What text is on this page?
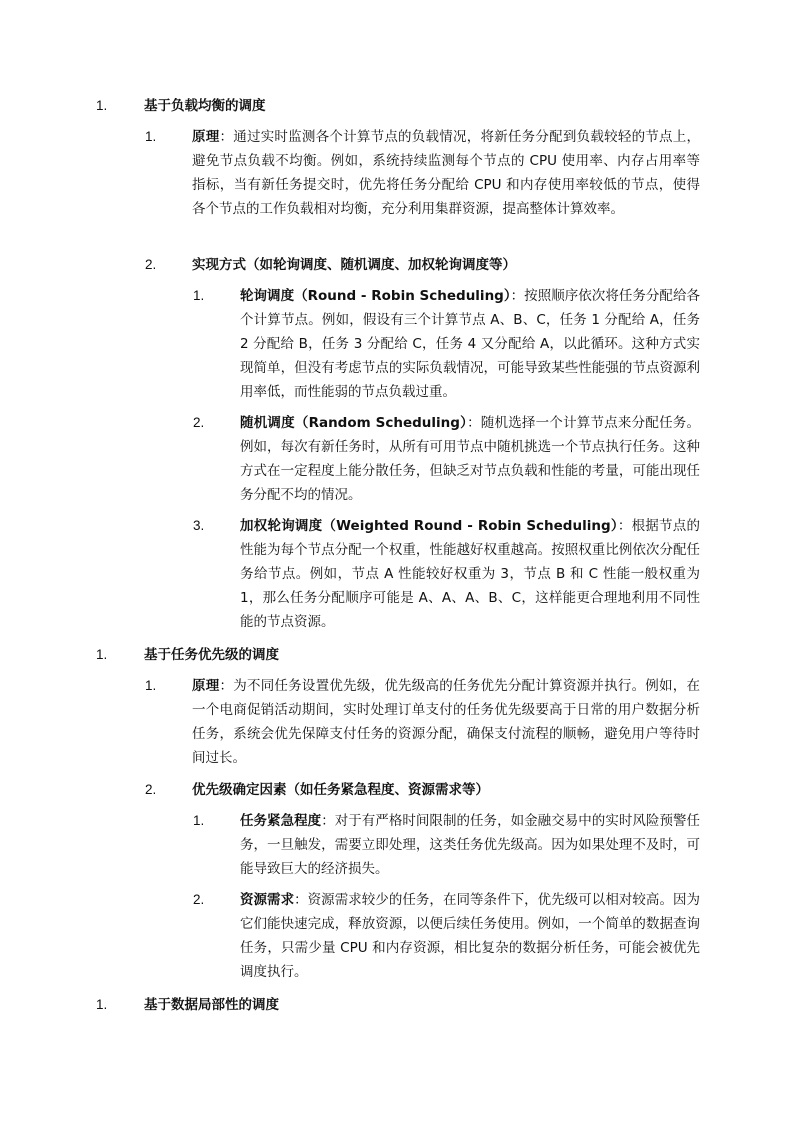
1.	基于负载均衡的调度
1.	原理：通过实时监测各个计算节点的负载情况，将新任务分配到负载较轻的节点上，避免节点负载不均衡。例如，系统持续监测每个节点的 CPU 使用率、内存占用率等指标，当有新任务提交时，优先将任务分配给 CPU 和内存使用率较低的节点，使得各个节点的工作负载相对均衡，充分利用集群资源，提高整体计算效率。
2.	实现方式（如轮询调度、随机调度、加权轮询调度等）
1.	轮询调度（Round - Robin Scheduling）：按照顺序依次将任务分配给各个计算节点。例如，假设有三个计算节点 A、B、C，任务 1 分配给 A，任务 2 分配给 B，任务 3 分配给 C，任务 4 又分配给 A，以此循环。这种方式实现简单，但没有考虑节点的实际负载情况，可能导致某些性能强的节点资源利用率低，而性能弱的节点负载过重。
2.	随机调度（Random Scheduling）：随机选择一个计算节点来分配任务。例如，每次有新任务时，从所有可用节点中随机挑选一个节点执行任务。这种方式在一定程度上能分散任务，但缺乏对节点负载和性能的考量，可能出现任务分配不均的情况。
3.	加权轮询调度（Weighted Round - Robin Scheduling）：根据节点的性能为每个节点分配一个权重，性能越好权重越高。按照权重比例依次分配任务给节点。例如，节点 A 性能较好权重为 3，节点 B 和 C 性能一般权重为 1，那么任务分配顺序可能是 A、A、A、B、C，这样能更合理地利用不同性能的节点资源。
1.	基于任务优先级的调度
1.	原理：为不同任务设置优先级，优先级高的任务优先分配计算资源并执行。例如，在一个电商促销活动期间，实时处理订单支付的任务优先级要高于日常的用户数据分析任务，系统会优先保障支付任务的资源分配，确保支付流程的顺畅，避免用户等待时间过长。
2.	优先级确定因素（如任务紧急程度、资源需求等）
1.	任务紧急程度：对于有严格时间限制的任务，如金融交易中的实时风险预警任务，一旦触发，需要立即处理，这类任务优先级高。因为如果处理不及时，可能导致巨大的经济损失。
2.	资源需求：资源需求较少的任务，在同等条件下，优先级可以相对较高。因为它们能快速完成，释放资源，以便后续任务使用。例如，一个简单的数据查询任务，只需少量 CPU 和内存资源，相比复杂的数据分析任务，可能会被优先调度执行。
1.	基于数据局部性的调度
